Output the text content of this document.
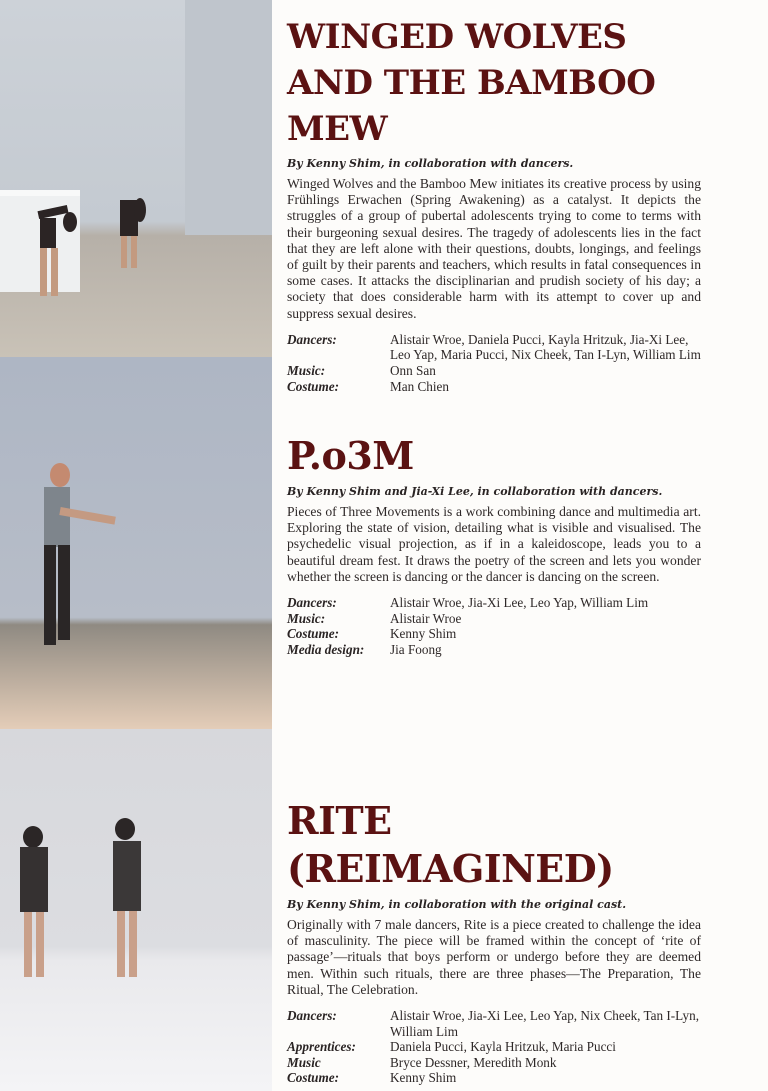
WINGED WOLVES AND THE BAMBOO MEW

By Kenny Shim, in collaboration with dancers.

Winged Wolves and the Bamboo Mew initiates its creative process by using Frühlings Erwachen (Spring Awakening) as a catalyst. It depicts the struggles of a group of pubertal adolescents trying to come to terms with their burgeoning sexual desires. The tragedy of adolescents lies in the fact that they are left alone with their questions, doubts, longings, and feelings of guilt by their parents and teachers, which results in fatal consequences in some cases. It attacks the disciplinarian and prudish society of his day; a society that does considerable harm with its attempt to cover up and suppress sexual desires.

Dancers:	Alistair Wroe, Daniela Pucci, Kayla Hritzuk, Jia-Xi Lee, Leo Yap, Maria Pucci, Nix Cheek, Tan I-Lyn, William Lim
Music:	Onn San
Costume:	Man Chien
P.o3M

By Kenny Shim and Jia-Xi Lee, in collaboration with dancers.

Pieces of Three Movements is a work combining dance and multimedia art. Exploring the state of vision, detailing what is visible and visualised. The psychedelic visual projection, as if in a kaleidoscope, leads you to a beautiful dream fest. It draws the poetry of the screen and lets you wonder whether the screen is dancing or the dancer is dancing on the screen.

Dancers:	Alistair Wroe, Jia-Xi Lee, Leo Yap, William Lim
Music:	Alistair Wroe
Costume:	Kenny Shim
Media design:	Jia Foong
RITE (REIMAGINED)

By Kenny Shim, in collaboration with the original cast.

Originally with 7 male dancers, Rite is a piece created to challenge the idea of masculinity. The piece will be framed within the concept of ‘rite of passage’—rituals that boys perform or undergo before they are deemed men. Within such rituals, there are three phases—The Preparation, The Ritual, The Celebration.

Dancers:	Alistair Wroe, Jia-Xi Lee, Leo Yap, Nix Cheek, Tan I-Lyn, William Lim
Apprentices:	Daniela Pucci, Kayla Hritzuk, Maria Pucci
Music	Bryce Dessner, Meredith Monk
Costume:	Kenny Shim
